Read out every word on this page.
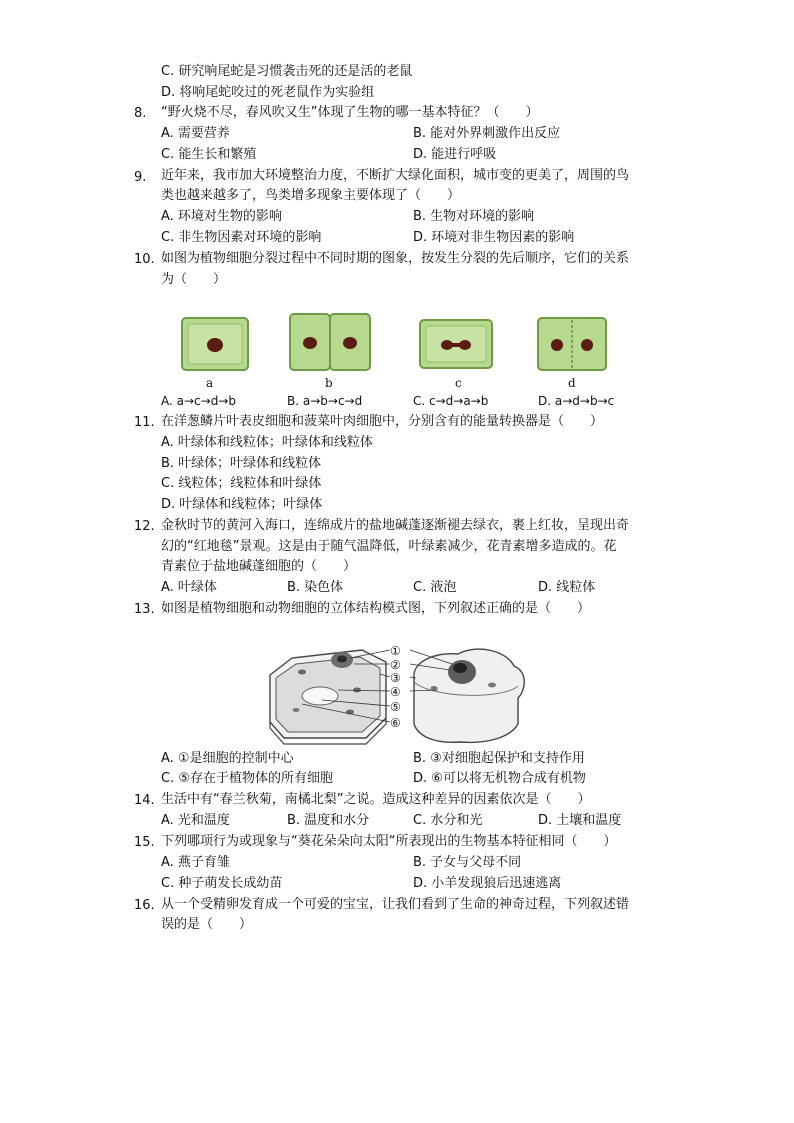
C. 研究响尾蛇是习惯袭击死的还是活的老鼠
D. 将响尾蛇咬过的死老鼠作为实验组
8. “野火烧不尽，春风吹又生”体现了生物的哪一基本特征？（　　）
A. 需要营养	B. 能对外界刺激作出反应
C. 能生长和繁殖	D. 能进行呼吸
9. 近年来，我市加大环境整治力度，不断扩大绿化面积，城市变的更美了，周围的鸟
类也越来越多了，鸟类增多现象主要体现了（　　）
A. 环境对生物的影响	B. 生物对环境的影响
C. 非生物因素对环境的影响	D. 环境对非生物因素的影响
10. 如图为植物细胞分裂过程中不同时期的图象，按发生分裂的先后顺序，它们的关系
为（　　）
a	b	c	d
A. a→c→d→b	B. a→b→c→d	C. c→d→a→b	D. a→d→b→c
11. 在洋葱鳞片叶表皮细胞和菠菜叶肉细胞中，分别含有的能量转换器是（　　）
A. 叶绿体和线粒体；叶绿体和线粒体
B. 叶绿体；叶绿体和线粒体
C. 线粒体；线粒体和叶绿体
D. 叶绿体和线粒体；叶绿体
12. 金秋时节的黄河入海口，连绵成片的盐地碱蓬逐渐褪去绿衣，裹上红妆，呈现出奇
幻的“红地毯”景观。这是由于随气温降低，叶绿素减少，花青素增多造成的。花
青素位于盐地碱蓬细胞的（　　）
A. 叶绿体	B. 染色体	C. 液泡	D. 线粒体
13. 如图是植物细胞和动物细胞的立体结构模式图，下列叙述正确的是（　　）
①
②
③
④
⑤
⑥
A. ①是细胞的控制中心	B. ③对细胞起保护和支持作用
C. ⑤存在于植物体的所有细胞	D. ⑥可以将无机物合成有机物
14. 生活中有“春兰秋菊，南橘北梨”之说。造成这种差异的因素依次是（　　）
A. 光和温度	B. 温度和水分	C. 水分和光	D. 土壤和温度
15. 下列哪项行为或现象与“葵花朵朵向太阳“所表现出的生物基本特征相同（　　）
A. 燕子育雏	B. 子女与父母不同
C. 种子萌发长成幼苗	D. 小羊发现狼后迅速逃离
16. 从一个受精卵发育成一个可爱的宝宝，让我们看到了生命的神奇过程，下列叙述错
误的是（　　）
